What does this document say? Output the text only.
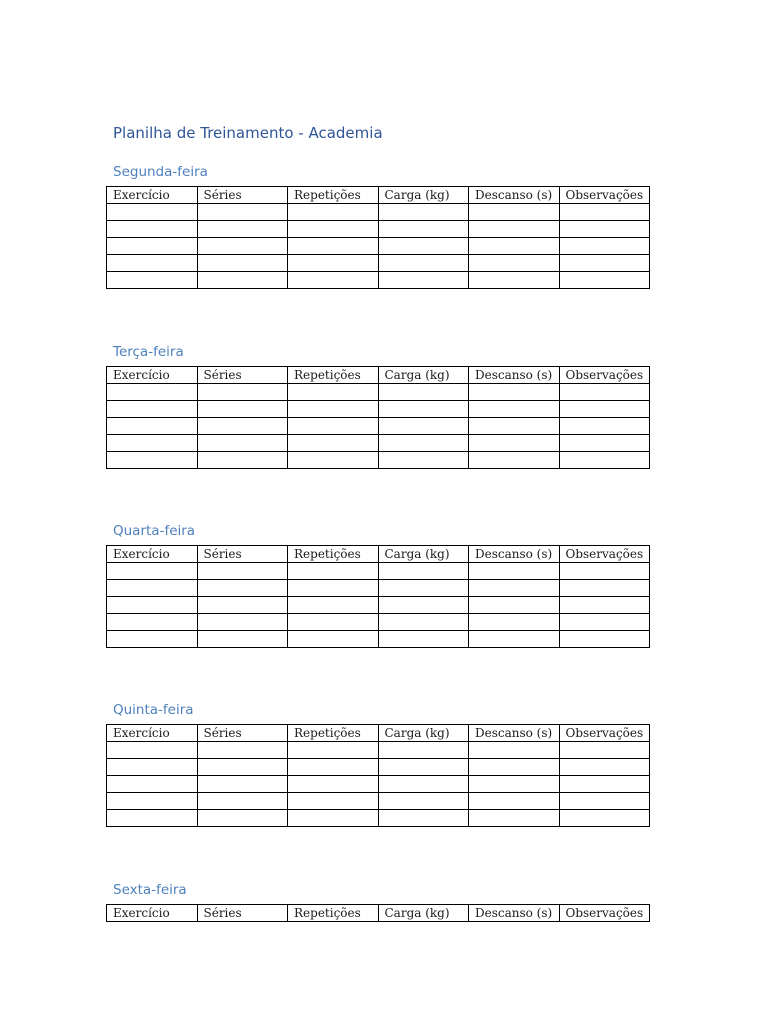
Planilha de Treinamento - Academia
Segunda-feira
Exercício	Séries	Repetições	Carga (kg)	Descanso (s)	Observações

Terça-feira
Exercício	Séries	Repetições	Carga (kg)	Descanso (s)	Observações

Quarta-feira
Exercício	Séries	Repetições	Carga (kg)	Descanso (s)	Observações

Quinta-feira
Exercício	Séries	Repetições	Carga (kg)	Descanso (s)	Observações

Sexta-feira
Exercício	Séries	Repetições	Carga (kg)	Descanso (s)	Observações
